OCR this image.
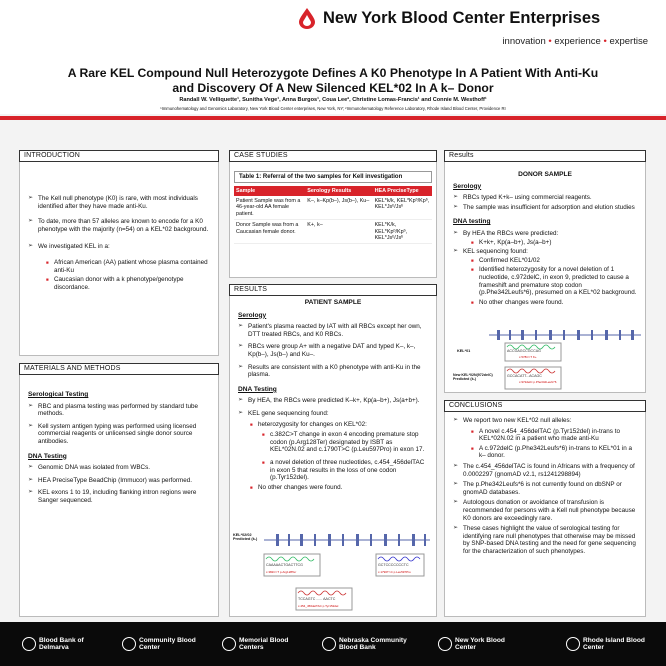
New York Blood Center Enterprises
innovation • experience • expertise
A Rare KEL Compound Null Heterozygote Defines A K0 Phenotype In A Patient With Anti-Ku
and Discovery Of A New Silenced KEL*02 In A k– Donor
Randall W. Velliquette¹, Sunitha Vege¹, Anna Burgos¹, Coua Lee², Christine Lomas-Francis¹ and Connie M. Westhoff¹
¹Immunohematology and Genomics Laboratory, New York Blood Center enterprises, New York, NY; ²Immunohematology Reference Laboratory, Rhode Island Blood Center, Providence RI
➢ The Kell null phenotype (K0) is rare, with most individuals identified after they have made anti-Ku.
➢ To date, more than 57 alleles are known to encode for a K0 phenotype with the majority (n=54) on a KEL*02 background.
➢ We investigated KEL in a:
■ African American (AA) patient whose plasma contained anti-Ku
■ Caucasian donor with a k phenotype/genotype discordance.
INTRODUCTION
Serological Testing
➢ RBC and plasma testing was performed by standard tube methods.
➢ Kell system antigen typing was performed using licensed commercial reagents or unlicensed single donor source antibodies.
DNA Testing
➢ Genomic DNA was isolated from WBCs.
➢ HEA PreciseType BeadChip (Immucor) was performed.
➢ KEL exons 1 to 19, including flanking intron regions were Sanger sequenced.
MATERIALS AND METHODS
Table 1: Referral of the two samples for Kell investigation
Sample	Serology Results	HEA PreciseType
Patient Sample was from a 46-year-old AA female patient.	K–, k–Kp(b–), Js(b–), Ku–	KEL*k/k, KEL*Kpᵇ/Kpᵇ, KEL*Jsᵇ/Jsᵇ
Donor Sample was from a Caucasian female donor.	K+, k–	KEL*K/k, KEL*Kpᵇ/Kpᵇ, KEL*Jsᵇ/Jsᵇ
CASE STUDIES
PATIENT SAMPLE
Serology
➢ Patient's plasma reacted by IAT with all RBCs except her own, DTT treated RBCs, and K0 RBCs.
➢ RBCs were group A+ with a negative DAT and typed K–, k–, Kp(b–), Js(b–) and Ku–.
➢ Results are consistent with a K0 phenotype with anti-Ku in the plasma.
DNA Testing
➢ By HEA, the RBCs were predicted K–k+, Kp(a–b+), Js(a+b+).
➢ KEL gene sequencing found:
■ heterozygosity for changes on KEL*02:
■ c.382C>T change in exon 4 encoding premature stop codon (p.Arg128Ter) designated by ISBT as KEL*02N.02 and c.1790T>C (p.Leu597Pro) in exon 17.
■ a novel deletion of three nucleotides, c.454_456delTAC in exon 5 that results in the loss of one codon (p.Tyr152del).
■ No other changes were found.
KEL*02/02 Predicted (k-)
CAAAAACTGACTTCG	GCTCCCCCCCTC
TCCAGTC ...... AACTC
c.382C>T p.Arg128Ter	c.1790T>C p.Leu597Pro
c.454_456delTAC p.Tyr152del
RESULTS
DONOR SAMPLE
Serology
➢ RBCs typed K+k– using commercial reagents.
➢ The sample was insufficient for adsorption and elution studies
DNA testing
➢ By HEA the RBCs were predicted:
■ K+k+, Kp(a–b+), Js(a–b+)
➢ KEL sequencing found:
■ Confirmed KEL*01/02
■ Identified heterozygosity for a novel deletion of 1 nucleotide, c.972delC, in exon 9, predicted to cause a frameshift and premature stop codon (p.Phe342Leufs*6), presumed on a KEL*02 background.
■ No other changes were found.
KEL*01
New KEL*02N(972delC) Predicted (k-)
ACCGAGCCGCCAG
GCCACATT...ACAGC
c.578C>T K+
c.972delC p.Phe342Leufs*6
Results
➢ We report two new KEL*02 null alleles:
■ A novel c.454_456delTAC (p.Tyr152del) in-trans to KEL*02N.02 in a patient who made anti-Ku
■ A c.972delC (p.Phe342Leufs*6) in-trans to KEL*01 in a k– donor.
➢ The c.454_456delTAC is found in Africans with a frequency of 0.0002297 (gnomAD v2.1, rs1241298894)
➢ The p.Phe342Leufs*6 is not currently found on dbSNP or gnomAD databases.
➢ Autologous donation or avoidance of transfusion is recommended for persons with a Kell null phenotype because K0 donors are exceedingly rare.
➢ These cases highlight the value of serological testing for identifying rare null phenotypes that otherwise may be missed by SNP-based DNA testing and the need for gene sequencing for the characterization of such phenotypes.
CONCLUSIONS
Blood Bank of Delmarva
Community Blood Center
Memorial Blood Centers
Nebraska Community Blood Bank
New York Blood Center
Rhode Island Blood Center
